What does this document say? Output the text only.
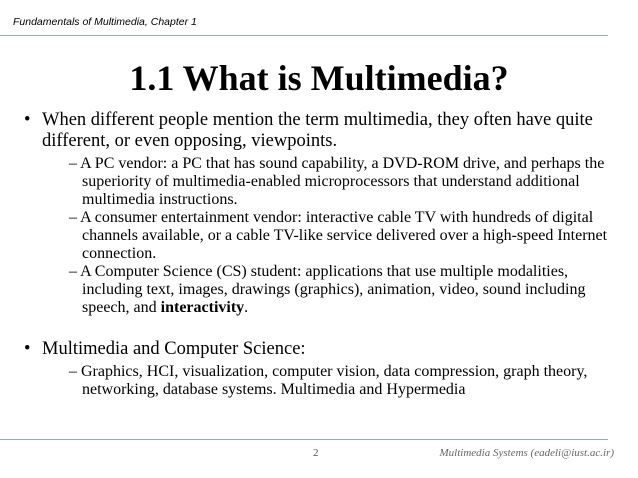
Fundamentals of Multimedia, Chapter 1
1.1 What is Multimedia?
• When different people mention the term multimedia, they often have quite different, or even opposing, viewpoints.
– A PC vendor: a PC that has sound capability, a DVD-ROM drive, and perhaps the superiority of multimedia-enabled microprocessors that understand additional multimedia instructions.
– A consumer entertainment vendor: interactive cable TV with hundreds of digital channels available, or a cable TV-like service delivered over a high-speed Internet connection.
– A Computer Science (CS) student: applications that use multiple modalities, including text, images, drawings (graphics), animation, video, sound including speech, and interactivity.
• Multimedia and Computer Science:
– Graphics, HCI, visualization, computer vision, data compression, graph theory, networking, database systems. Multimedia and Hypermedia
2	Multimedia Systems (eadeli@iust.ac.ir)
